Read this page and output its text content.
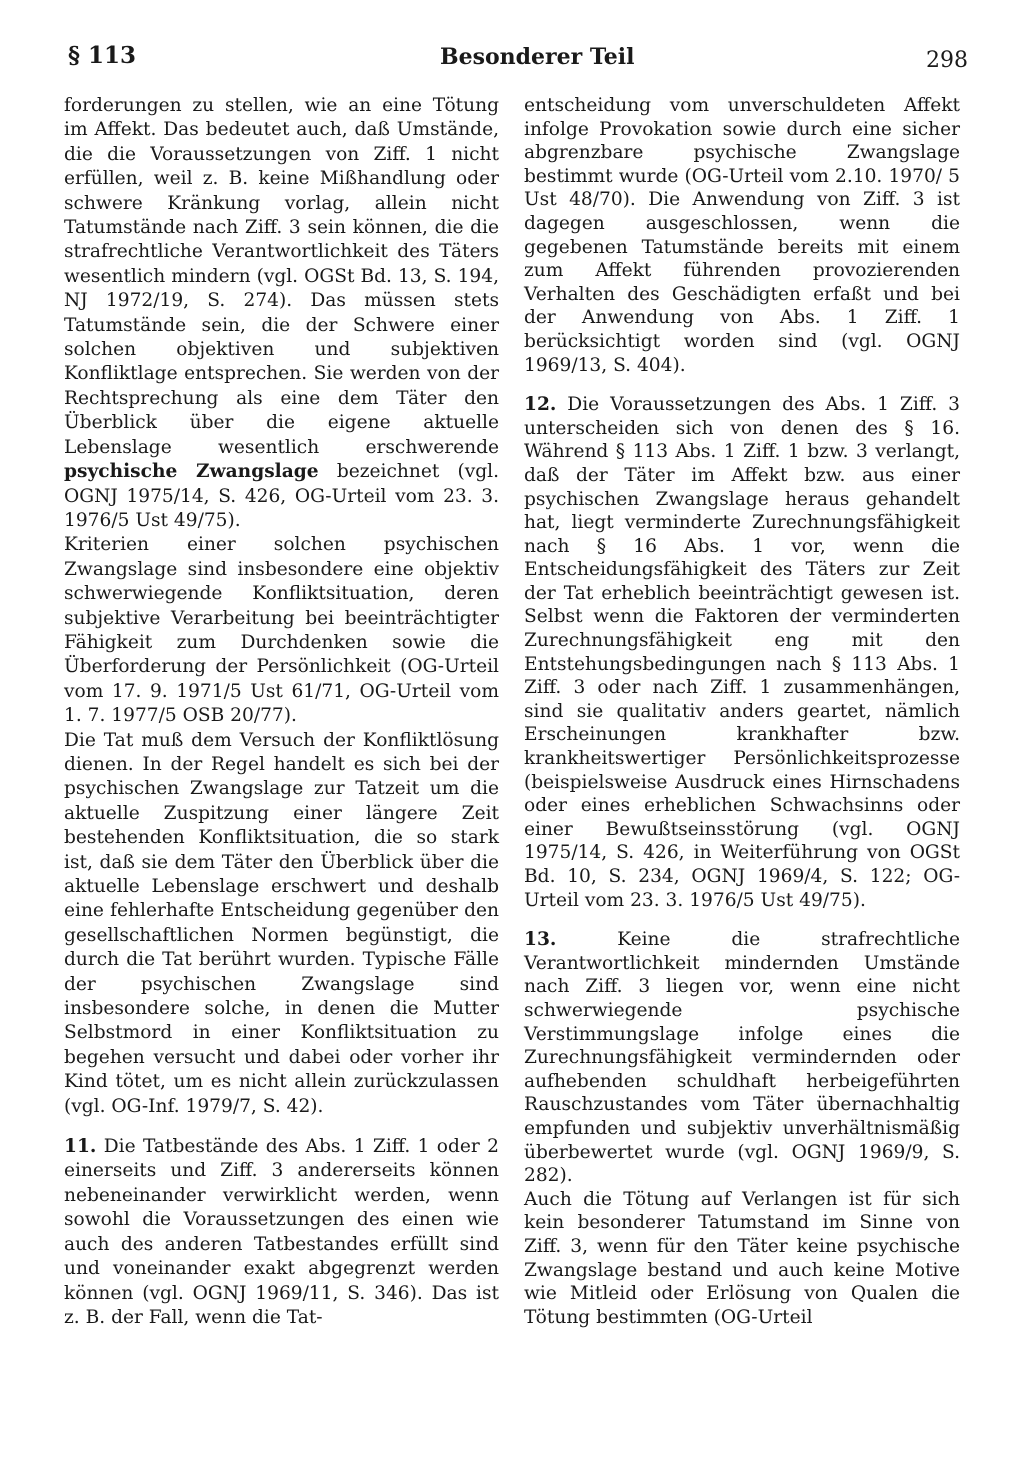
§ 113	Besonderer Teil	298

forderungen zu stellen, wie an eine Tötung im Affekt. Das bedeutet auch, daß Umstände, die die Voraussetzungen von Ziff. 1 nicht erfüllen, weil z. B. keine Mißhandlung oder schwere Kränkung vorlag, allein nicht Tatumstände nach Ziff. 3 sein können, die die strafrechtliche Verantwortlichkeit des Täters wesentlich mindern (vgl. OGSt Bd. 13, S. 194, NJ 1972/19, S. 274). Das müssen stets Tatumstände sein, die der Schwere einer solchen objektiven und subjektiven Konfliktlage entsprechen. Sie werden von der Rechtsprechung als eine dem Täter den Überblick über die eigene aktuelle Lebenslage wesentlich erschwerende psychische Zwangslage bezeichnet (vgl. OGNJ 1975/14, S. 426, OG-Urteil vom 23. 3. 1976/5 Ust 49/75).

Kriterien einer solchen psychischen Zwangslage sind insbesondere eine objektiv schwerwiegende Konfliktsituation, deren subjektive Verarbeitung bei beeinträchtigter Fähigkeit zum Durchdenken sowie die Überforderung der Persönlichkeit (OG-Urteil vom 17. 9. 1971/5 Ust 61/71, OG-Urteil vom 1. 7. 1977/5 OSB 20/77).

Die Tat muß dem Versuch der Konfliktlösung dienen. In der Regel handelt es sich bei der psychischen Zwangslage zur Tatzeit um die aktuelle Zuspitzung einer längere Zeit bestehenden Konfliktsituation, die so stark ist, daß sie dem Täter den Überblick über die aktuelle Lebenslage erschwert und deshalb eine fehlerhafte Entscheidung gegenüber den gesellschaftlichen Normen begünstigt, die durch die Tat berührt wurden. Typische Fälle der psychischen Zwangslage sind insbesondere solche, in denen die Mutter Selbstmord in einer Konfliktsituation zu begehen versucht und dabei oder vorher ihr Kind tötet, um es nicht allein zurückzulassen (vgl. OG-Inf. 1979/7, S. 42).

11. Die Tatbestände des Abs. 1 Ziff. 1 oder 2 einerseits und Ziff. 3 andererseits können nebeneinander verwirklicht werden, wenn sowohl die Voraussetzungen des einen wie auch des anderen Tatbestandes erfüllt sind und voneinander exakt abgegrenzt werden können (vgl. OGNJ 1969/11, S. 346). Das ist z. B. der Fall, wenn die Tat-

entscheidung vom unverschuldeten Affekt infolge Provokation sowie durch eine sicher abgrenzbare psychische Zwangslage bestimmt wurde (OG-Urteil vom 2.10. 1970/ 5 Ust 48/70). Die Anwendung von Ziff. 3 ist dagegen ausgeschlossen, wenn die gegebenen Tatumstände bereits mit einem zum Affekt führenden provozierenden Verhalten des Geschädigten erfaßt und bei der Anwendung von Abs. 1 Ziff. 1 berücksichtigt worden sind (vgl. OGNJ 1969/13, S. 404).

12. Die Voraussetzungen des Abs. 1 Ziff. 3 unterscheiden sich von denen des § 16. Während § 113 Abs. 1 Ziff. 1 bzw. 3 verlangt, daß der Täter im Affekt bzw. aus einer psychischen Zwangslage heraus gehandelt hat, liegt verminderte Zurechnungsfähigkeit nach § 16 Abs. 1 vor, wenn die Entscheidungsfähigkeit des Täters zur Zeit der Tat erheblich beeinträchtigt gewesen ist. Selbst wenn die Faktoren der verminderten Zurechnungsfähigkeit eng mit den Entstehungsbedingungen nach § 113 Abs. 1 Ziff. 3 oder nach Ziff. 1 zusammenhängen, sind sie qualitativ anders geartet, nämlich Erscheinungen krankhafter bzw. krankheitswertiger Persönlichkeitsprozesse (beispielsweise Ausdruck eines Hirnschadens oder eines erheblichen Schwachsinns oder einer Bewußtseinsstörung (vgl. OGNJ 1975/14, S. 426, in Weiterführung von OGSt Bd. 10, S. 234, OGNJ 1969/4, S. 122; OG- Urteil vom 23. 3. 1976/5 Ust 49/75).

13.	Keine die strafrechtliche Verantwortlichkeit mindernden Umstände nach Ziff. 3 liegen vor, wenn eine nicht schwerwiegende psychische Verstimmungslage infolge eines die Zurechnungsfähigkeit vermindernden oder aufhebenden schuldhaft herbeigeführten Rauschzustandes vom Täter übernachhaltig empfunden und subjektiv unverhältnismäßig überbewertet wurde (vgl. OGNJ 1969/9, S. 282).

Auch die Tötung auf Verlangen ist für sich kein besonderer Tatumstand im Sinne von Ziff. 3, wenn für den Täter keine psychische Zwangslage bestand und auch keine Motive wie Mitleid oder Erlösung von Qualen die Tötung bestimmten (OG-Urteil
